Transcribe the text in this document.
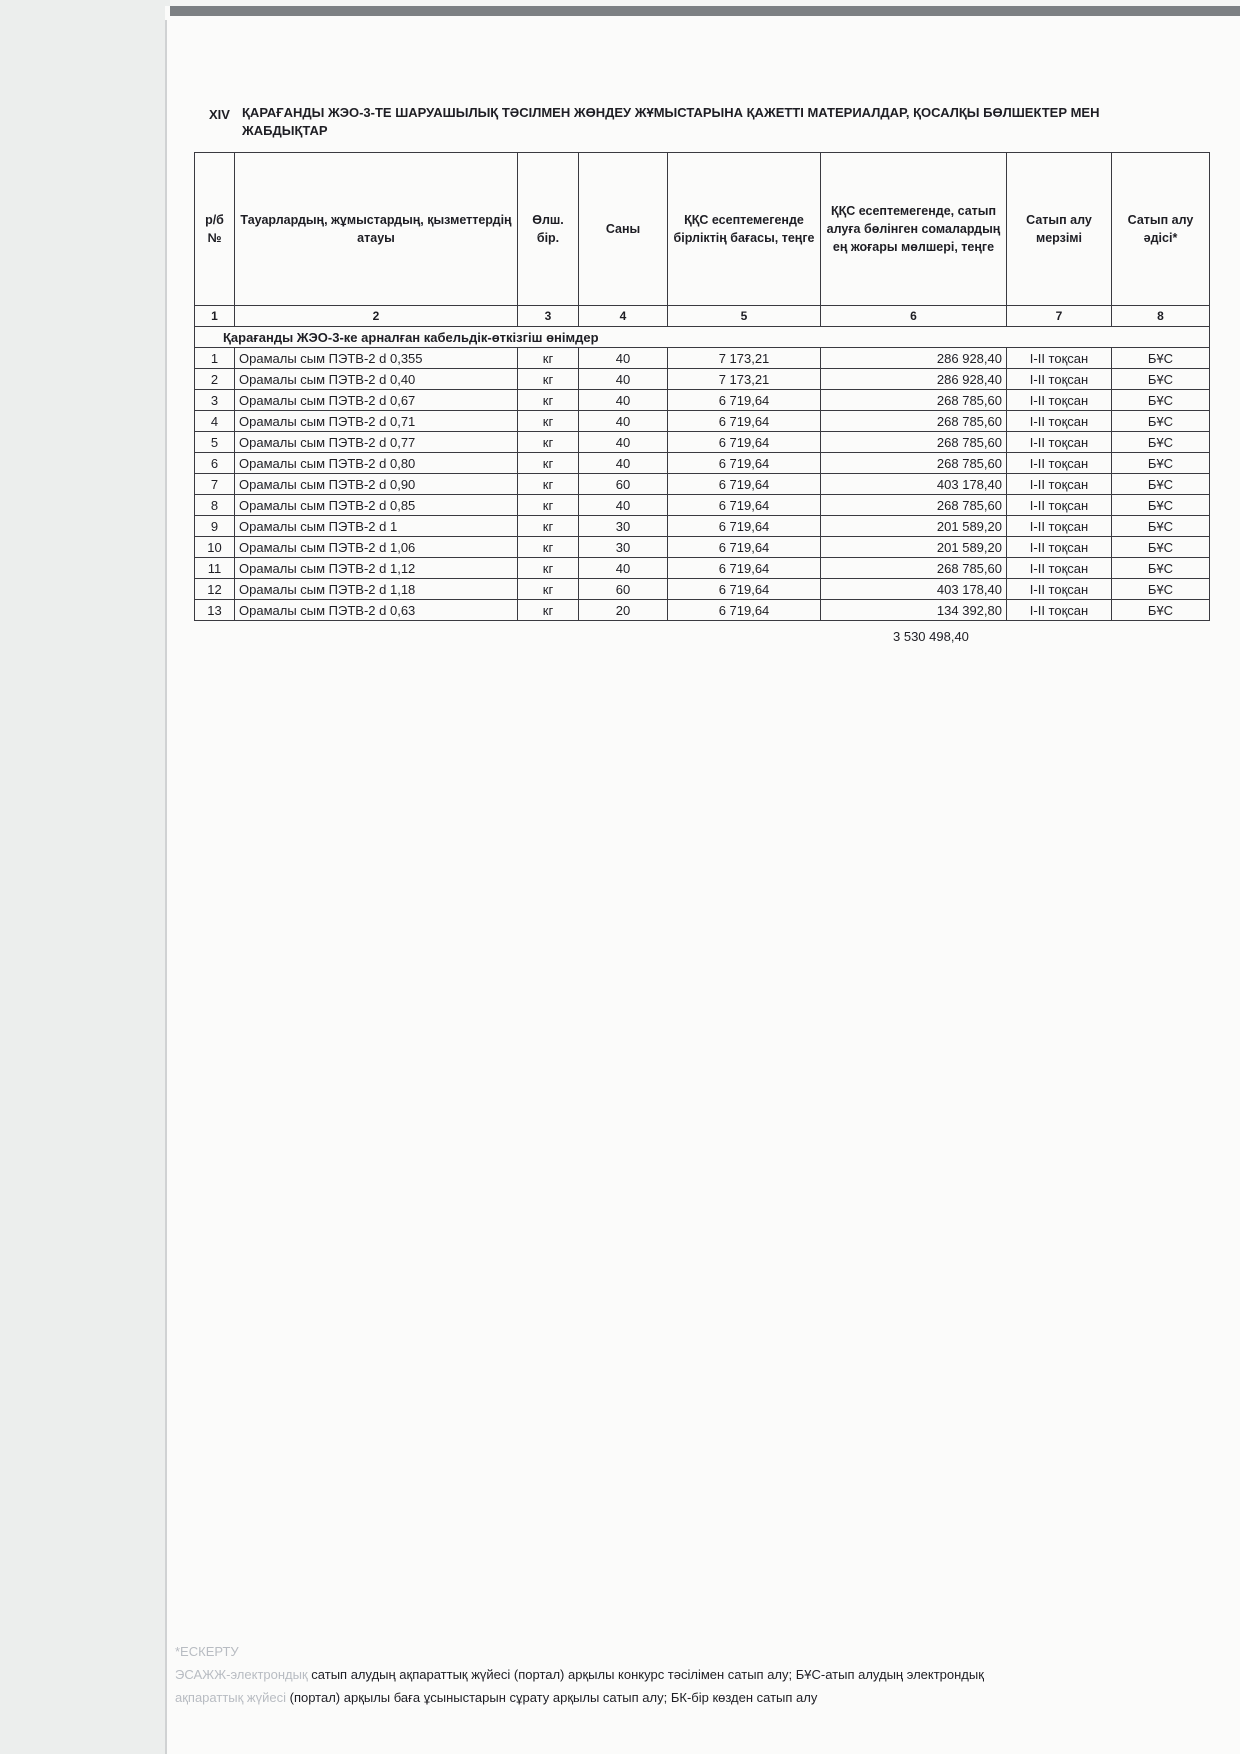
XIV ҚАРАҒАНДЫ ЖЭО-3-ТЕ ШАРУАШЫЛЫҚ ТӘСІЛМЕН ЖӨНДЕУ ЖҰМЫСТАРЫНА ҚАЖЕТТІ МАТЕРИАЛДАР, ҚОСАЛҚЫ БӨЛШЕКТЕР МЕН ЖАБДЫҚТАР
р/б №	Тауарлардың, жұмыстардың, қызметтердің атауы	Өлш. бір.	Саны	ҚҚС есептемегенде бірліктің бағасы, теңге	ҚҚС есептемегенде, сатып алуға бөлінген сомалардың ең жоғары мөлшері, теңге	Сатып алу мерзімі	Сатып алу әдісі*
1	2	3	4	5	6	7	8
Қарағанды ЖЭО-3-ке арналған кабельдік-өткізгіш өнімдер							
1	Орамалы сым ПЭТВ-2 d 0,355	кг	40	7 173,21	286 928,40	I-II тоқсан	БҰС
2	Орамалы сым ПЭТВ-2 d 0,40	кг	40	7 173,21	286 928,40	I-II тоқсан	БҰС
3	Орамалы сым ПЭТВ-2 d 0,67	кг	40	6 719,64	268 785,60	I-II тоқсан	БҰС
4	Орамалы сым ПЭТВ-2 d 0,71	кг	40	6 719,64	268 785,60	I-II тоқсан	БҰС
5	Орамалы сым ПЭТВ-2 d 0,77	кг	40	6 719,64	268 785,60	I-II тоқсан	БҰС
6	Орамалы сым ПЭТВ-2 d 0,80	кг	40	6 719,64	268 785,60	I-II тоқсан	БҰС
7	Орамалы сым ПЭТВ-2 d 0,90	кг	60	6 719,64	403 178,40	I-II тоқсан	БҰС
8	Орамалы сым ПЭТВ-2 d 0,85	кг	40	6 719,64	268 785,60	I-II тоқсан	БҰС
9	Орамалы сым ПЭТВ-2 d 1	кг	30	6 719,64	201 589,20	I-II тоқсан	БҰС
10	Орамалы сым ПЭТВ-2 d 1,06	кг	30	6 719,64	201 589,20	I-II тоқсан	БҰС
11	Орамалы сым ПЭТВ-2 d 1,12	кг	40	6 719,64	268 785,60	I-II тоқсан	БҰС
12	Орамалы сым ПЭТВ-2 d 1,18	кг	60	6 719,64	403 178,40	I-II тоқсан	БҰС
13	Орамалы сым ПЭТВ-2 d 0,63	кг	20	6 719,64	134 392,80	I-II тоқсан	БҰС
3 530 498,40
*ЕСКЕРТУ
ЭСАЖЖ-электрондық сатып алудың ақпараттық жүйесі (портал) арқылы конкурс тәсілімен сатып алу; БҰС-атып алудың электрондық
ақпараттық жүйесі (портал) арқылы баға ұсыныстарын сұрату арқылы сатып алу; БК-бір көзден сатып алу
